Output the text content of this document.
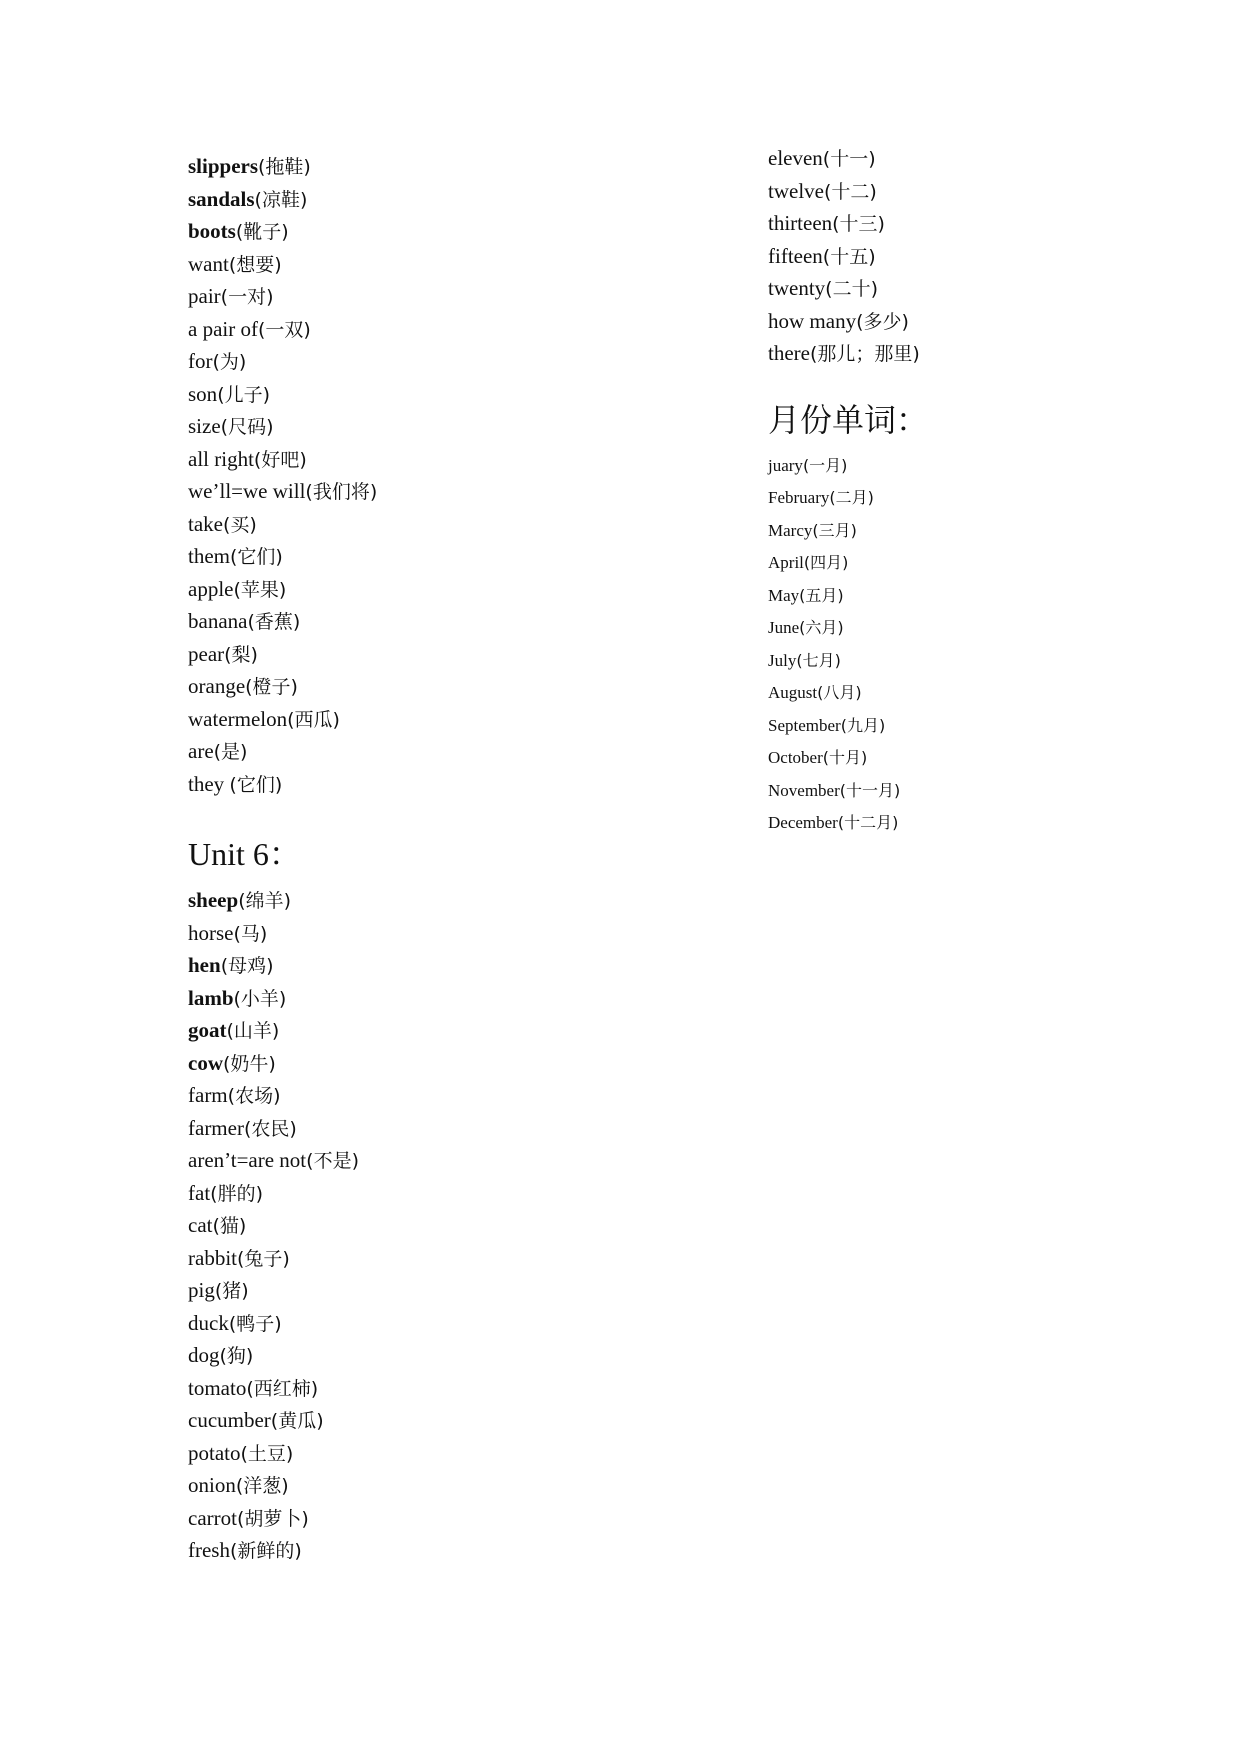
slippers(拖鞋)
sandals(凉鞋)
boots(靴子)
want(想要)
pair(一对)
a pair of(一双)
for(为)
son(儿子)
size(尺码)
all right(好吧)
we’ll=we will(我们将)
take(买)
them(它们)
apple(苹果)
banana(香蕉)
pear(梨)
orange(橙子)
watermelon(西瓜)
are(是)
they (它们)
Unit 6：
sheep(绵羊)
horse(马)
hen(母鸡)
lamb(小羊)
goat(山羊)
cow(奶牛)
farm(农场)
farmer(农民)
aren’t=are not(不是)
fat(胖的)
cat(猫)
rabbit(兔子)
pig(猪)
duck(鸭子)
dog(狗)
tomato(西红柿)
cucumber(黄瓜)
potato(土豆)
onion(洋葱)
carrot(胡萝卜)
fresh(新鲜的)
eleven(十一)
twelve(十二)
thirteen(十三)
fifteen(十五)
twenty(二十)
how many(多少)
there(那儿；那里)
月份单词：
juary(一月)
February(二月)
Marcy(三月)
April(四月)
May(五月)
June(六月)
July(七月)
August(八月)
September(九月)
October(十月)
November(十一月)
December(十二月)
